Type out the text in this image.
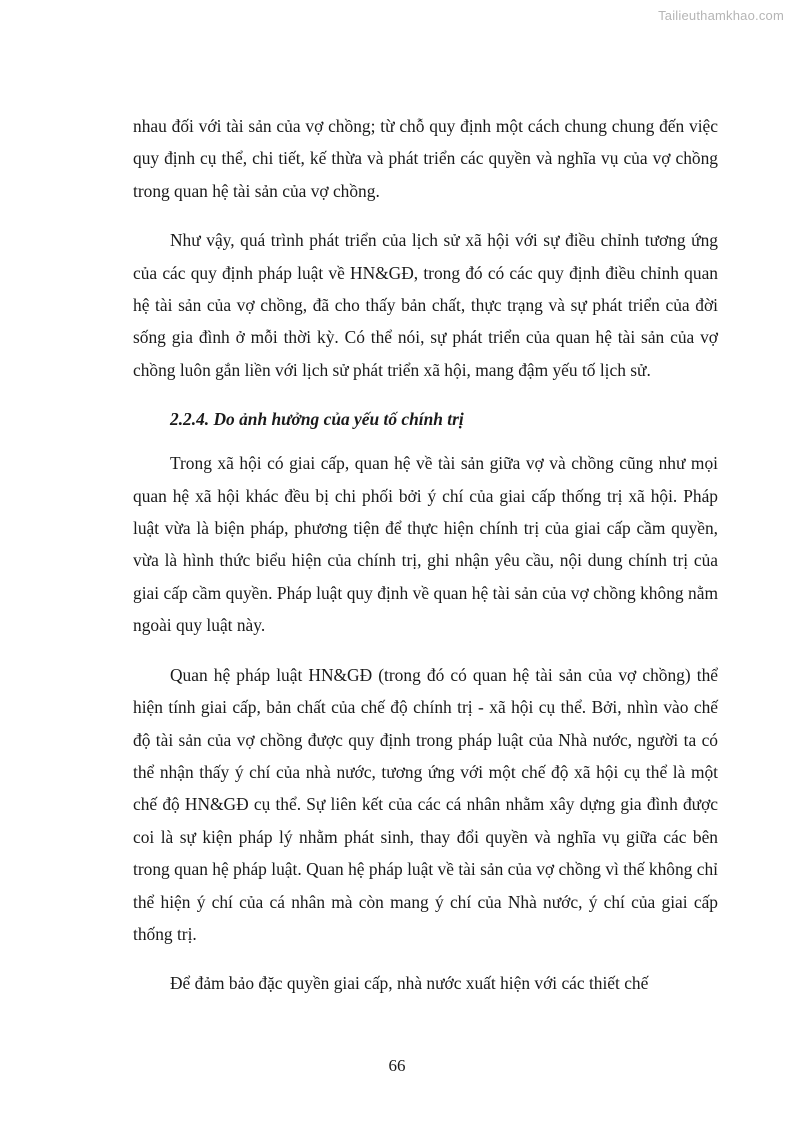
Tailieuthamkhao.com

nhau đối với tài sản của vợ chồng; từ chỗ quy định một cách chung chung đến việc quy định cụ thể, chi tiết, kế thừa và phát triển các quyền và nghĩa vụ của vợ chồng trong quan hệ tài sản của vợ chồng.

Như vậy, quá trình phát triển của lịch sử xã hội với sự điều chỉnh tương ứng của các quy định pháp luật về HN&GĐ, trong đó có các quy định điều chỉnh quan hệ tài sản của vợ chồng, đã cho thấy bản chất, thực trạng và sự phát triển của đời sống gia đình ở mỗi thời kỳ. Có thể nói, sự phát triển của quan hệ tài sản của vợ chồng luôn gắn liền với lịch sử phát triển xã hội, mang đậm yếu tố lịch sử.

2.2.4. Do ảnh hưởng của yếu tố chính trị

Trong xã hội có giai cấp, quan hệ về tài sản giữa vợ và chồng cũng như mọi quan hệ xã hội khác đều bị chi phối bởi ý chí của giai cấp thống trị xã hội. Pháp luật vừa là biện pháp, phương tiện để thực hiện chính trị của giai cấp cầm quyền, vừa là hình thức biểu hiện của chính trị, ghi nhận yêu cầu, nội dung chính trị của giai cấp cầm quyền. Pháp luật quy định về quan hệ tài sản của vợ chồng không nằm ngoài quy luật này.

Quan hệ pháp luật HN&GĐ (trong đó có quan hệ tài sản của vợ chồng) thể hiện tính giai cấp, bản chất của chế độ chính trị - xã hội cụ thể. Bởi, nhìn vào chế độ tài sản của vợ chồng được quy định trong pháp luật của Nhà nước, người ta có thể nhận thấy ý chí của nhà nước, tương ứng với một chế độ xã hội cụ thể là một chế độ HN&GĐ cụ thể. Sự liên kết của các cá nhân nhằm xây dựng gia đình được coi là sự kiện pháp lý nhằm phát sinh, thay đổi quyền và nghĩa vụ giữa các bên trong quan hệ pháp luật. Quan hệ pháp luật về tài sản của vợ chồng vì thế không chỉ thể hiện ý chí của cá nhân mà còn mang ý chí của Nhà nước, ý chí của giai cấp thống trị.

Để đảm bảo đặc quyền giai cấp, nhà nước xuất hiện với các thiết chế

66
